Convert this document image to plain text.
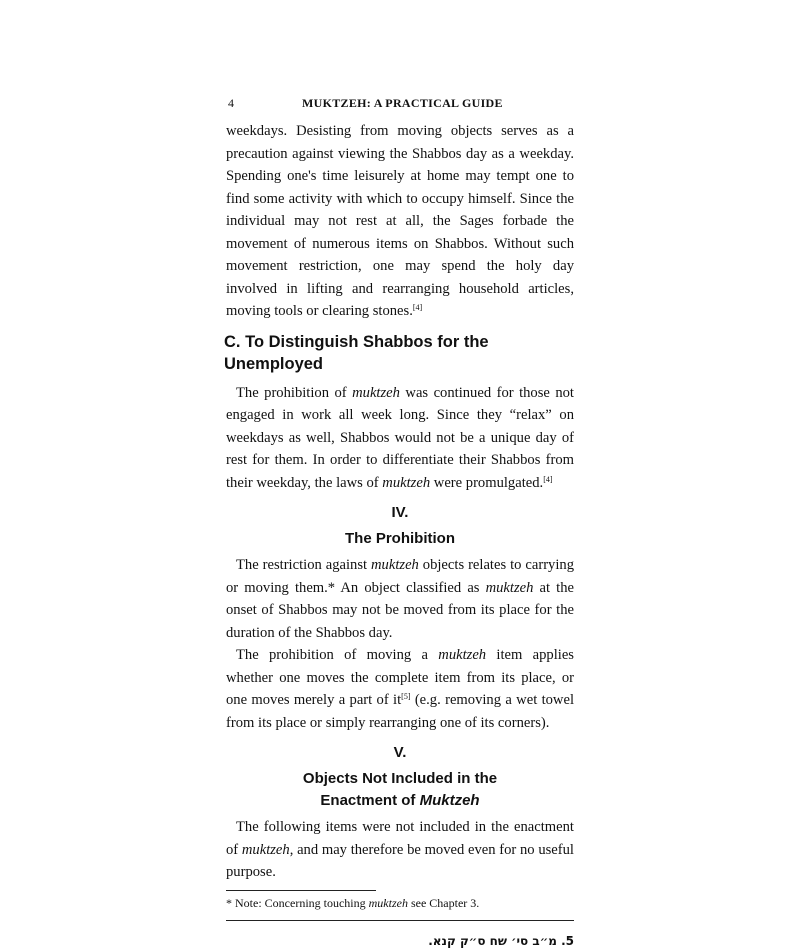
4	MUKTZEH: A PRACTICAL GUIDE

weekdays. Desisting from moving objects serves as a precaution against viewing the Shabbos day as a weekday. Spending one's time leisurely at home may tempt one to find some activity with which to occupy himself. Since the individual may not rest at all, the Sages forbade the movement of numerous items on Shabbos. Without such movement restriction, one may spend the holy day involved in lifting and rearranging household articles, moving tools or clearing stones.[4]

C. To Distinguish Shabbos for the Unemployed

The prohibition of muktzeh was continued for those not engaged in work all week long. Since they “relax” on weekdays as well, Shabbos would not be a unique day of rest for them. In order to differentiate their Shabbos from their weekday, the laws of muktzeh were promulgated.[4]

IV.
The Prohibition

The restriction against muktzeh objects relates to carrying or moving them.* An object classified as muktzeh at the onset of Shabbos may not be moved from its place for the duration of the Shabbos day.

The prohibition of moving a muktzeh item applies whether one moves the complete item from its place, or one moves merely a part of it[5] (e.g. removing a wet towel from its place or simply rearranging one of its corners).

V.
Objects Not Included in the
Enactment of Muktzeh

The following items were not included in the enactment of muktzeh, and may therefore be moved even for no useful purpose.

* Note: Concerning touching muktzeh see Chapter 3.

5. מ״ב סי׳ שח ס״ק קנא.
